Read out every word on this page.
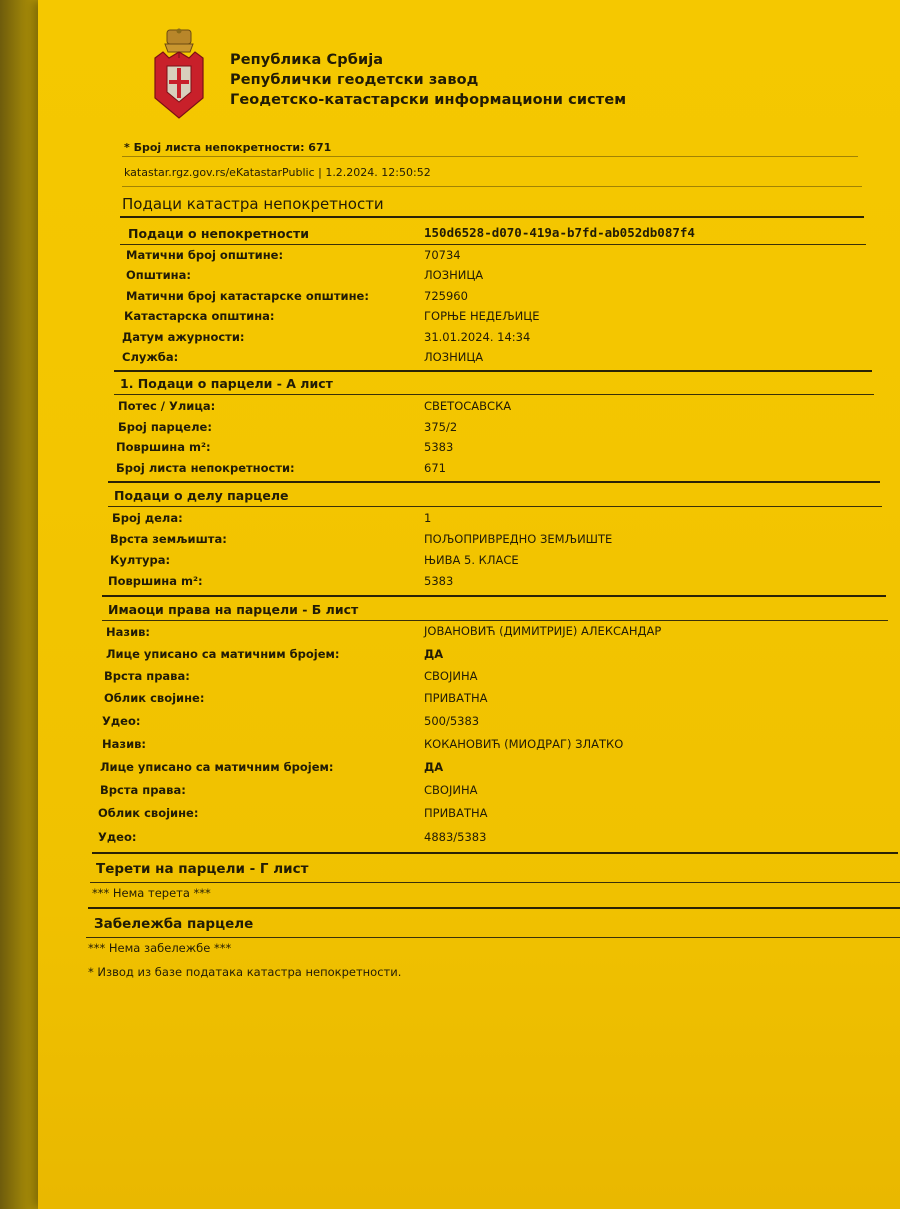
Република Србија
Републички геодетски завод
Геодетско-катастарски информациони систем
* Број листа непокретности: 671
katastar.rgz.gov.rs/eKatastarPublic | 1.2.2024. 12:50:52
Подаци катастра непокретности
Подаци о непокретности	150d6528-d070-419a-b7fd-ab052db087f4
Матични број општине:	70734
Општина:	ЛОЗНИЦА
Матични број катастарске општине:	725960
Катастарска општина:	ГОРЊЕ НЕДЕЉИЦЕ
Датум ажурности:	31.01.2024. 14:34
Служба:	ЛОЗНИЦА
1. Подаци о парцели - А лист
Потес / Улица:	СВЕТОСАВСКА
Број парцеле:	375/2
Површина m²:	5383
Број листа непокретности:	671
Подаци о делу парцеле
Број дела:	1
Врста земљишта:	ПОЉОПРИВРЕДНО ЗЕМЉИШТЕ
Култура:	ЊИВА 5. КЛАСЕ
Површина m²:	5383
Имаоци права на парцели - Б лист
Назив:	ЈОВАНОВИЋ (ДИМИТРИЈЕ) АЛЕКСАНДАР
Лице уписано са матичним бројем:	ДА
Врста права:	СВОЈИНА
Облик својине:	ПРИВАТНА
Удео:	500/5383
Назив:	КОКАНОВИЋ (МИОДРАГ) ЗЛАТКО
Лице уписано са матичним бројем:	ДА
Врста права:	СВОЈИНА
Облик својине:	ПРИВАТНА
Удео:	4883/5383
Терети на парцели - Г лист
*** Нема терета ***
Забележба парцеле
*** Нема забележбе ***
* Извод из базе података катастра непокретности.
